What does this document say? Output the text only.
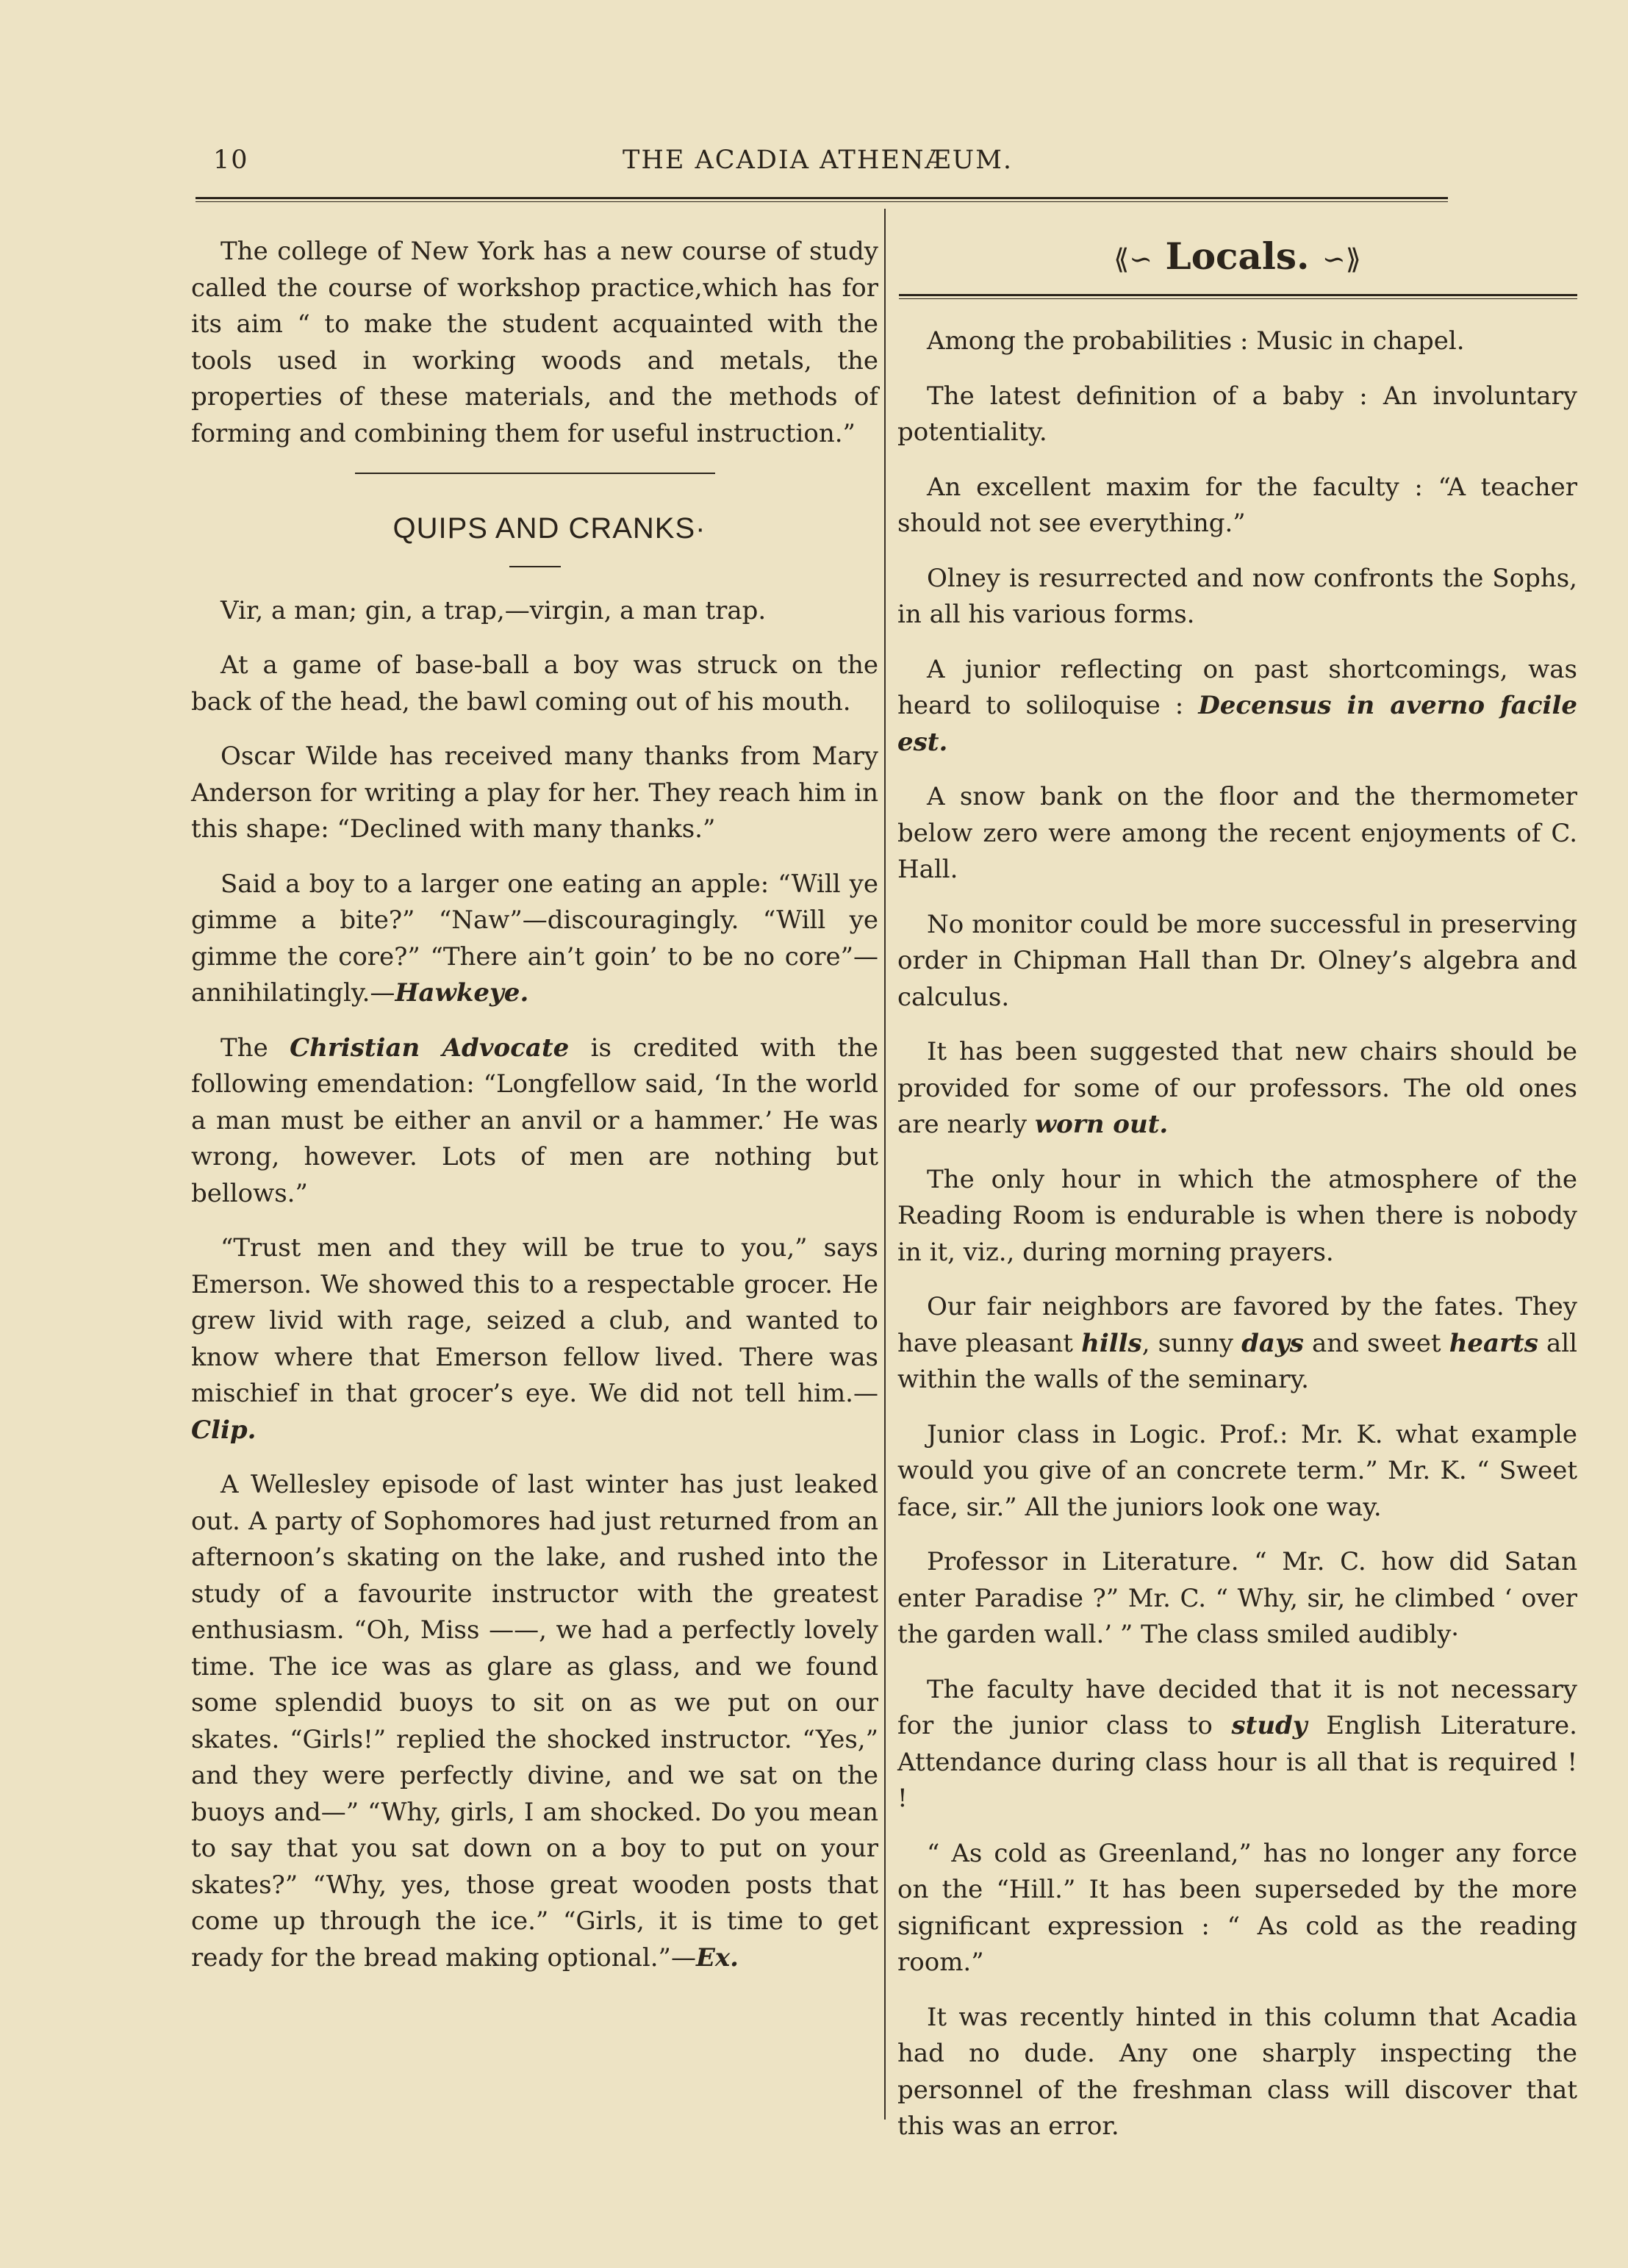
10	THE ACADIA ATHENÆUM.

The college of New York has a new course of study called the course of workshop practice,which has for its aim “ to make the student acquainted with the tools used in working woods and metals, the properties of these materials, and the methods of forming and combining them for useful instruction.”

QUIPS AND CRANKS·

Vir, a man; gin, a trap,—virgin, a man trap.

At a game of base-ball a boy was struck on the back of the head, the bawl coming out of his mouth.

Oscar Wilde has received many thanks from Mary Anderson for writing a play for her. They reach him in this shape: “Declined with many thanks.”

Said a boy to a larger one eating an apple: “Will ye gimme a bite?” “Naw”—discouragingly. “Will ye gimme the core?” “There ain’t goin’ to be no core”—annihilatingly.—Hawkeye.

The Christian Advocate is credited with the following emendation: “Longfellow said, ‘In the world a man must be either an anvil or a hammer.’ He was wrong, however. Lots of men are nothing but bellows.”

“Trust men and they will be true to you,” says Emerson. We showed this to a respectable grocer. He grew livid with rage, seized a club, and wanted to know where that Emerson fellow lived. There was mischief in that grocer’s eye. We did not tell him.—Clip.

A Wellesley episode of last winter has just leaked out. A party of Sophomores had just returned from an afternoon’s skating on the lake, and rushed into the study of a favourite instructor with the greatest enthusiasm. “Oh, Miss ——, we had a perfectly lovely time. The ice was as glare as glass, and we found some splendid buoys to sit on as we put on our skates. “Girls!” replied the shocked instructor. “Yes,” and they were perfectly divine, and we sat on the buoys and—” “Why, girls, I am shocked. Do you mean to say that you sat down on a boy to put on your skates?” “Why, yes, those great wooden posts that come up through the ice.” “Girls, it is time to get ready for the bread making optional.”—Ex.

⟪∽ Locals. ∽⟫

Among the probabilities : Music in chapel.

The latest definition of a baby : An involuntary potentiality.

An excellent maxim for the faculty : “A teacher should not see everything.”

Olney is resurrected and now confronts the Sophs, in all his various forms.

A junior reflecting on past shortcomings, was heard to soliloquise : Decensus in averno facile est.

A snow bank on the floor and the thermometer below zero were among the recent enjoyments of C. Hall.

No monitor could be more successful in preserving order in Chipman Hall than Dr. Olney’s algebra and calculus.

It has been suggested that new chairs should be provided for some of our professors. The old ones are nearly worn out.

The only hour in which the atmosphere of the Reading Room is endurable is when there is nobody in it, viz., during morning prayers.

Our fair neighbors are favored by the fates. They have pleasant hills, sunny days and sweet hearts all within the walls of the seminary.

Junior class in Logic. Prof.: Mr. K. what example would you give of an concrete term.” Mr. K. “ Sweet face, sir.” All the juniors look one way.

Professor in Literature. “ Mr. C. how did Satan enter Paradise ?” Mr. C. “ Why, sir, he climbed ‘ over the garden wall.’ ” The class smiled audibly·

The faculty have decided that it is not necessary for the junior class to study English Literature. Attendance during class hour is all that is required ! !

“ As cold as Greenland,” has no longer any force on the “Hill.” It has been superseded by the more significant expression : “ As cold as the reading room.”

It was recently hinted in this column that Acadia had no dude. Any one sharply inspecting the personnel of the freshman class will discover that this was an error.
